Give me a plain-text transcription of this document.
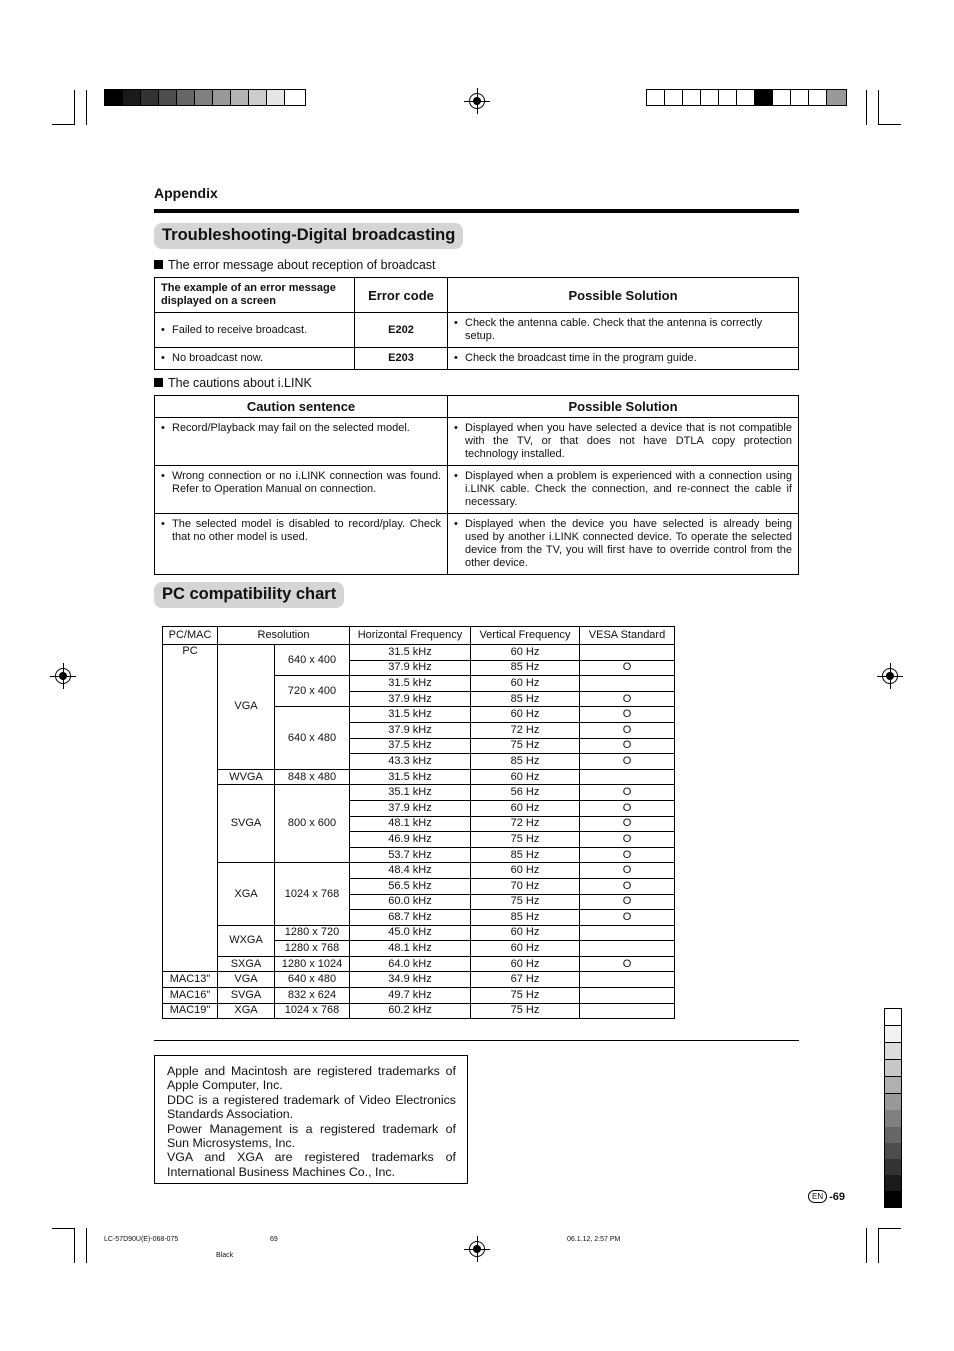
Appendix
Troubleshooting-Digital broadcasting
The error message about reception of broadcast
The example of an error message displayed on a screen	Error code	Possible Solution

• Failed to receive broadcast.	E202	• Check the antenna cable. Check that the antenna is correctly setup.

• No broadcast now.	E203	• Check the broadcast time in the program guide.
The cautions about i.LINK
Caution sentence	Possible Solution

• Record/Playback may fail on the selected model.	• Displayed when you have selected a device that is not compatible with the TV, or that does not have DTLA copy protection technology installed.

• Wrong connection or no i.LINK connection was found. Refer to Operation Manual on connection.	• Displayed when a problem is experienced with a connection using i.LINK cable. Check the connection, and re-connect the cable if necessary.

• The selected model is disabled to record/play. Check that no other model is used.	• Displayed when the device you have selected is already being used by another i.LINK connected device. To operate the selected device from the TV, you will first have to override control from the other device.
PC compatibility chart
PC/MAC	Resolution		Horizontal Frequency	Vertical Frequency	VESA Standard
PC	VGA	640 x 400	31.5 kHz	60 Hz	
			37.9 kHz	85 Hz	O
		720 x 400	31.5 kHz	60 Hz	
			37.9 kHz	85 Hz	O
		640 x 480	31.5 kHz	60 Hz	O
			37.9 kHz	72 Hz	O
			37.5 kHz	75 Hz	O
			43.3 kHz	85 Hz	O
	WVGA	848 x 480	31.5 kHz	60 Hz	
	SVGA	800 x 600	35.1 kHz	56 Hz	O
			37.9 kHz	60 Hz	O
			48.1 kHz	72 Hz	O
			46.9 kHz	75 Hz	O
			53.7 kHz	85 Hz	O
	XGA	1024 x 768	48.4 kHz	60 Hz	O
			56.5 kHz	70 Hz	O
			60.0 kHz	75 Hz	O
			68.7 kHz	85 Hz	O
	WXGA	1280 x 720	45.0 kHz	60 Hz	
		1280 x 768	48.1 kHz	60 Hz	
	SXGA	1280 x 1024	64.0 kHz	60 Hz	O
MAC13"	VGA	640 x 480	34.9 kHz	67 Hz	
MAC16"	SVGA	832 x 624	49.7 kHz	75 Hz	
MAC19"	XGA	1024 x 768	60.2 kHz	75 Hz	
Apple and Macintosh are registered trademarks of Apple Computer, Inc.
DDC is a registered trademark of Video Electronics Standards Association.
Power Management is a registered trademark of Sun Microsystems, Inc.
VGA and XGA are registered trademarks of International Business Machines Co., Inc.
EN -69
LC-57D90U(E)-068-075	69	06.1.12, 2:57 PM
Black
